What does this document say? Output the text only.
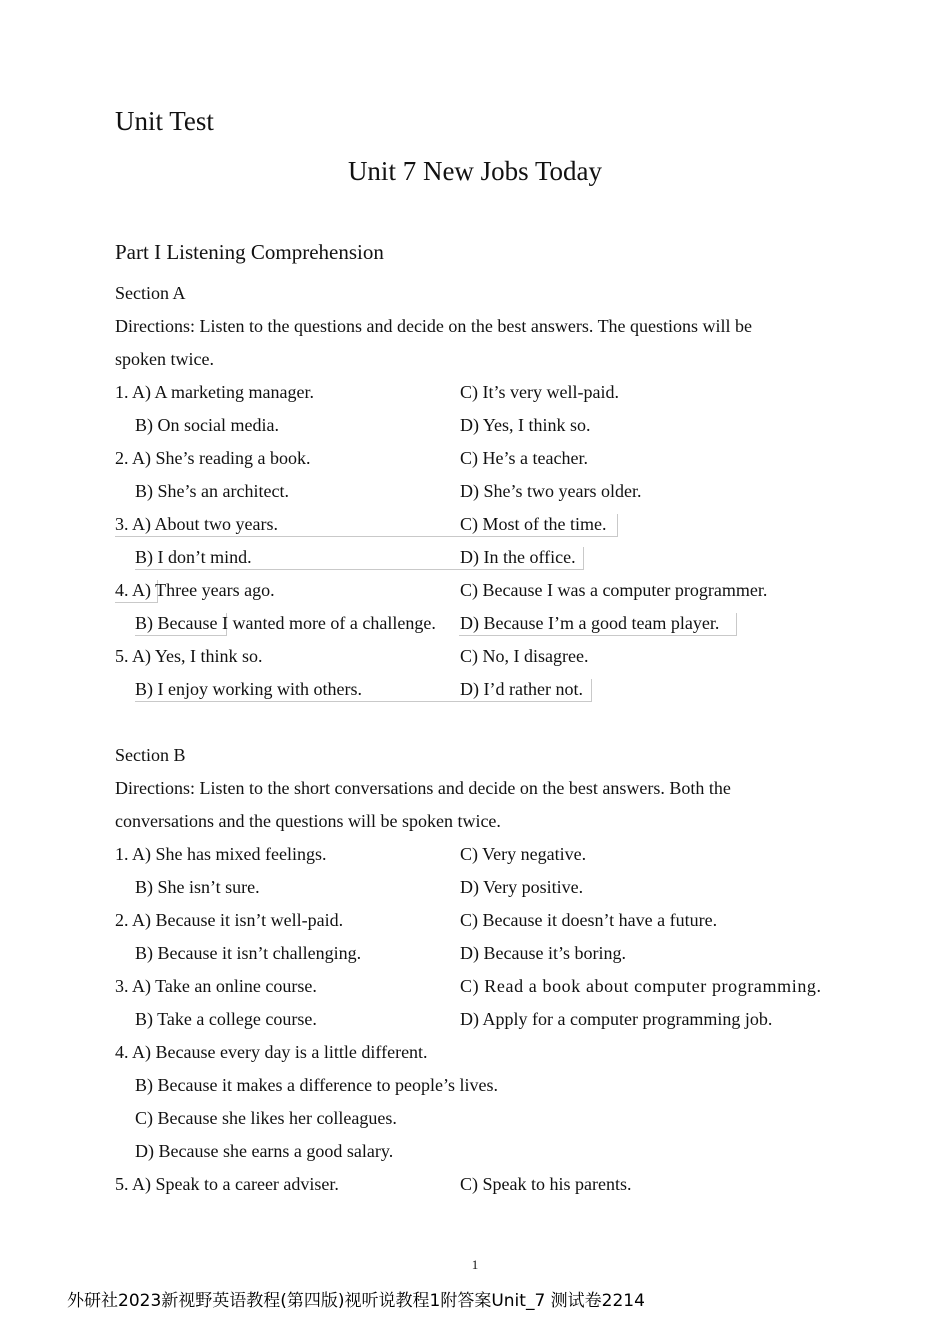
Unit Test
Unit 7 New Jobs Today
Part I Listening Comprehension
Section A
Directions: Listen to the questions and decide on the best answers. The questions will be
spoken twice.
1. A) A marketing manager.	C) It’s very well-paid.
B) On social media.	D) Yes, I think so.
2. A) She’s reading a book.	C) He’s a teacher.
B) She’s an architect.	D) She’s two years older.
3. A) About two years.	C) Most of the time.
B) I don’t mind.	D) In the office.
4. A) Three years ago.	C) Because I was a computer programmer.
B) Because I wanted more of a challenge. D) Because I’m a good team player.
5. A) Yes, I think so.	C) No, I disagree.
B) I enjoy working with others.	D) I’d rather not.
Section B
Directions: Listen to the short conversations and decide on the best answers. Both the
conversations and the questions will be spoken twice.
1. A) She has mixed feelings.	C) Very negative.
B) She isn’t sure.	D) Very positive.
2. A) Because it isn’t well-paid.	C) Because it doesn’t have a future.
B) Because it isn’t challenging.	D) Because it’s boring.
3. A) Take an online course.	C) Read a book about computer programming.
B) Take a college course.	D) Apply for a computer programming job.
4. A) Because every day is a little different.
B) Because it makes a difference to people’s lives.
C) Because she likes her colleagues.
D) Because she earns a good salary.
5. A) Speak to a career adviser.	C) Speak to his parents.
1
外研社2023新视野英语教程(第四版)视听说教程1附答案Unit_7 测试卷2214
